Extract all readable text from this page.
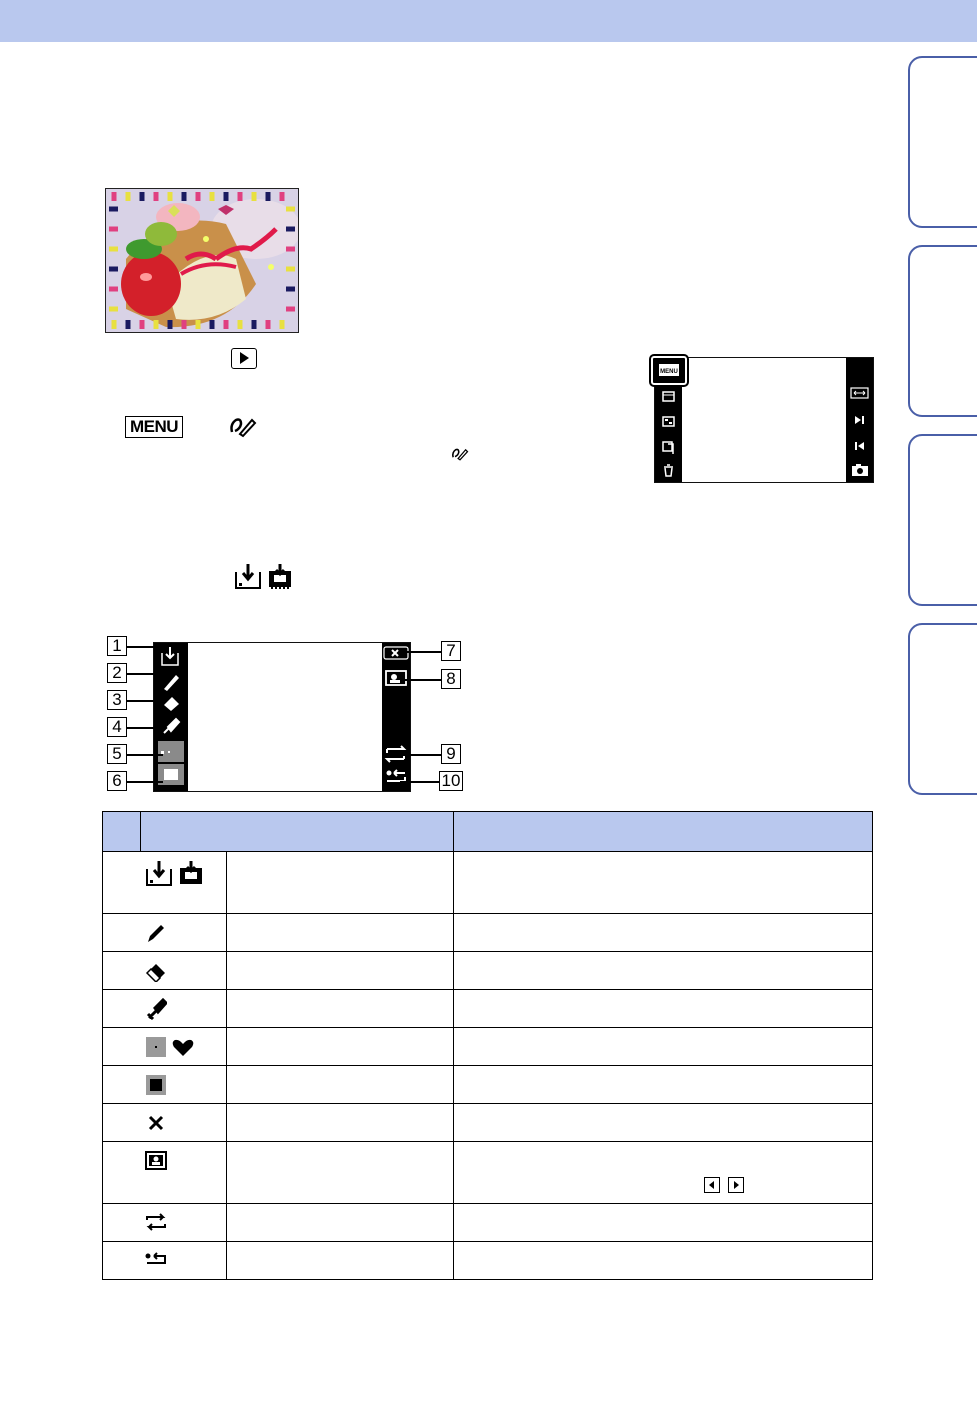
MENU
MENU
1
2
3
4
5
6
7
8
9
10
